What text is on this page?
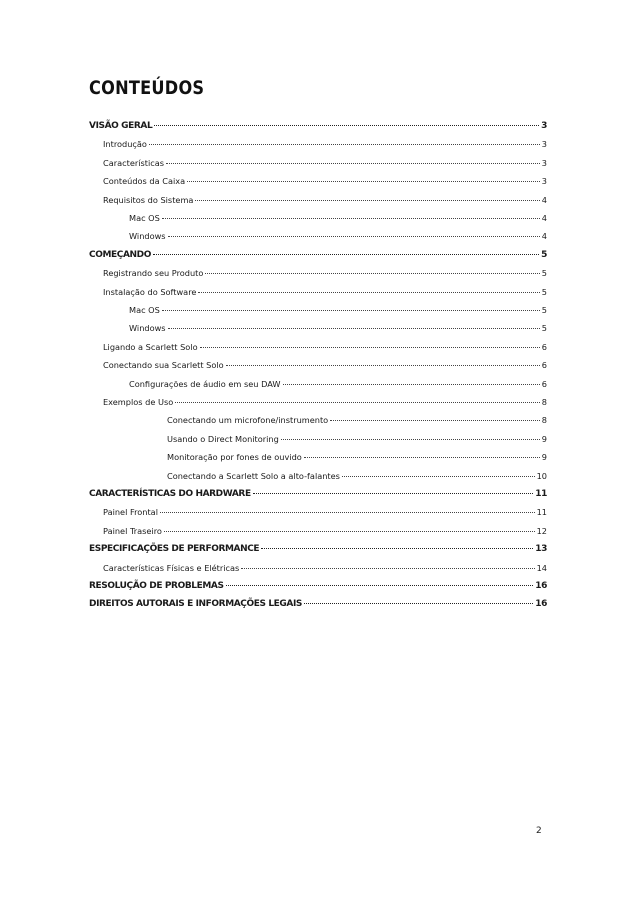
CONTEÚDOS
VISÃO GERAL	3
Introdução	3
Características	3
Conteúdos da Caixa	3
Requisitos do Sistema	4
Mac OS	4
Windows	4
COMEÇANDO	5
Registrando seu Produto	5
Instalação do Software	5
Mac OS	5
Windows	5
Ligando a Scarlett Solo	6
Conectando sua Scarlett Solo	6
Configurações de áudio em seu DAW	6
Exemplos de Uso	8
Conectando um microfone/instrumento	8
Usando o Direct Monitoring	9
Monitoração por fones de ouvido	9
Conectando a Scarlett Solo a alto-falantes	10
CARACTERÍSTICAS DO HARDWARE	11
Painel Frontal	11
Painel Traseiro	12
ESPECIFICAÇÕES DE PERFORMANCE	13
Características Físicas e Elétricas	14
RESOLUÇÃO DE PROBLEMAS	16
DIREITOS AUTORAIS E INFORMAÇÕES LEGAIS	16
2
